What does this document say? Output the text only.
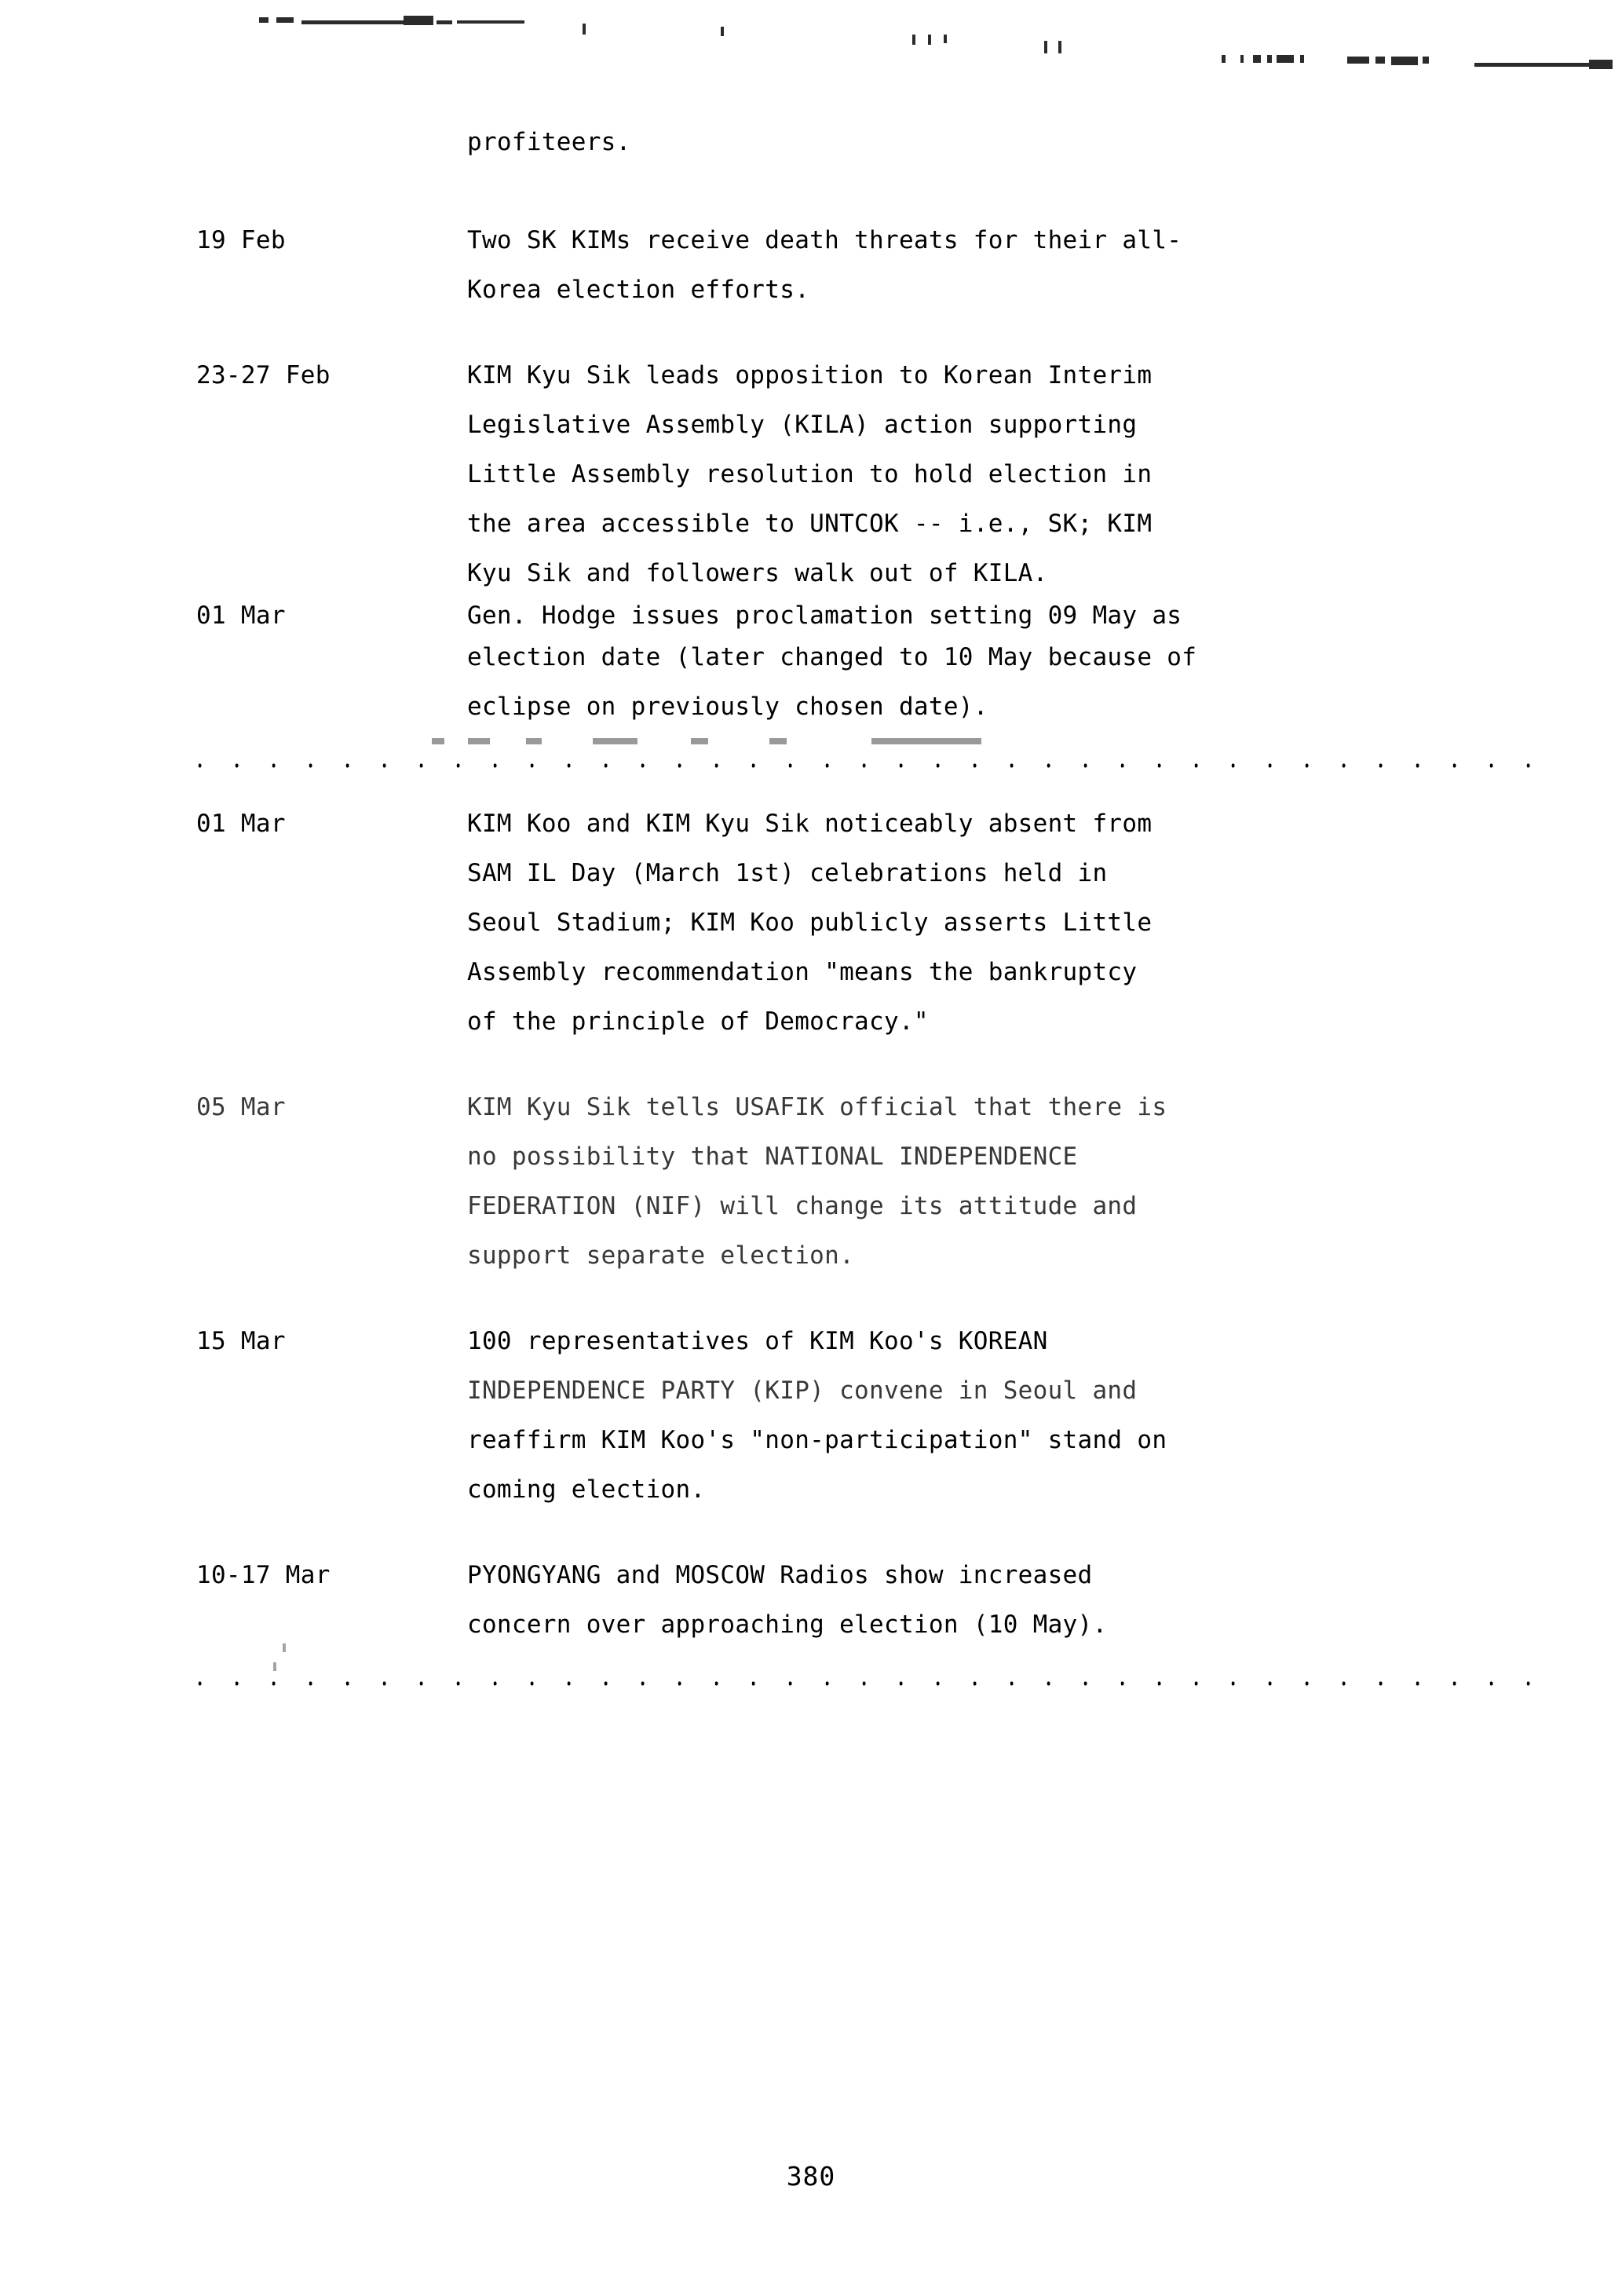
profiteers.
19 Feb	Two SK KIMs receive death threats for their all-
Korea election efforts.
23-27 Feb	KIM Kyu Sik leads opposition to Korean Interim
Legislative Assembly (KILA) action supporting
Little Assembly resolution to hold election in
the area accessible to UNTCOK -- i.e., SK; KIM
Kyu Sik and followers walk out of KILA.
01 Mar	Gen. Hodge issues proclamation setting 09 May as
election date (later changed to 10 May because of
eclipse on previously chosen date).
01 Mar	KIM Koo and KIM Kyu Sik noticeably absent from
SAM IL Day (March 1st) celebrations held in
Seoul Stadium; KIM Koo publicly asserts Little
Assembly recommendation "means the bankruptcy
of the principle of Democracy."
05 Mar	KIM Kyu Sik tells USAFIK official that there is
no possibility that NATIONAL INDEPENDENCE
FEDERATION (NIF) will change its attitude and
support separate election.
15 Mar	100 representatives of KIM Koo's KOREAN
INDEPENDENCE PARTY (KIP) convene in Seoul and
reaffirm KIM Koo's "non-participation" stand on
coming election.
10-17 Mar	PYONGYANG and MOSCOW Radios show increased
concern over approaching election (10 May).
380
